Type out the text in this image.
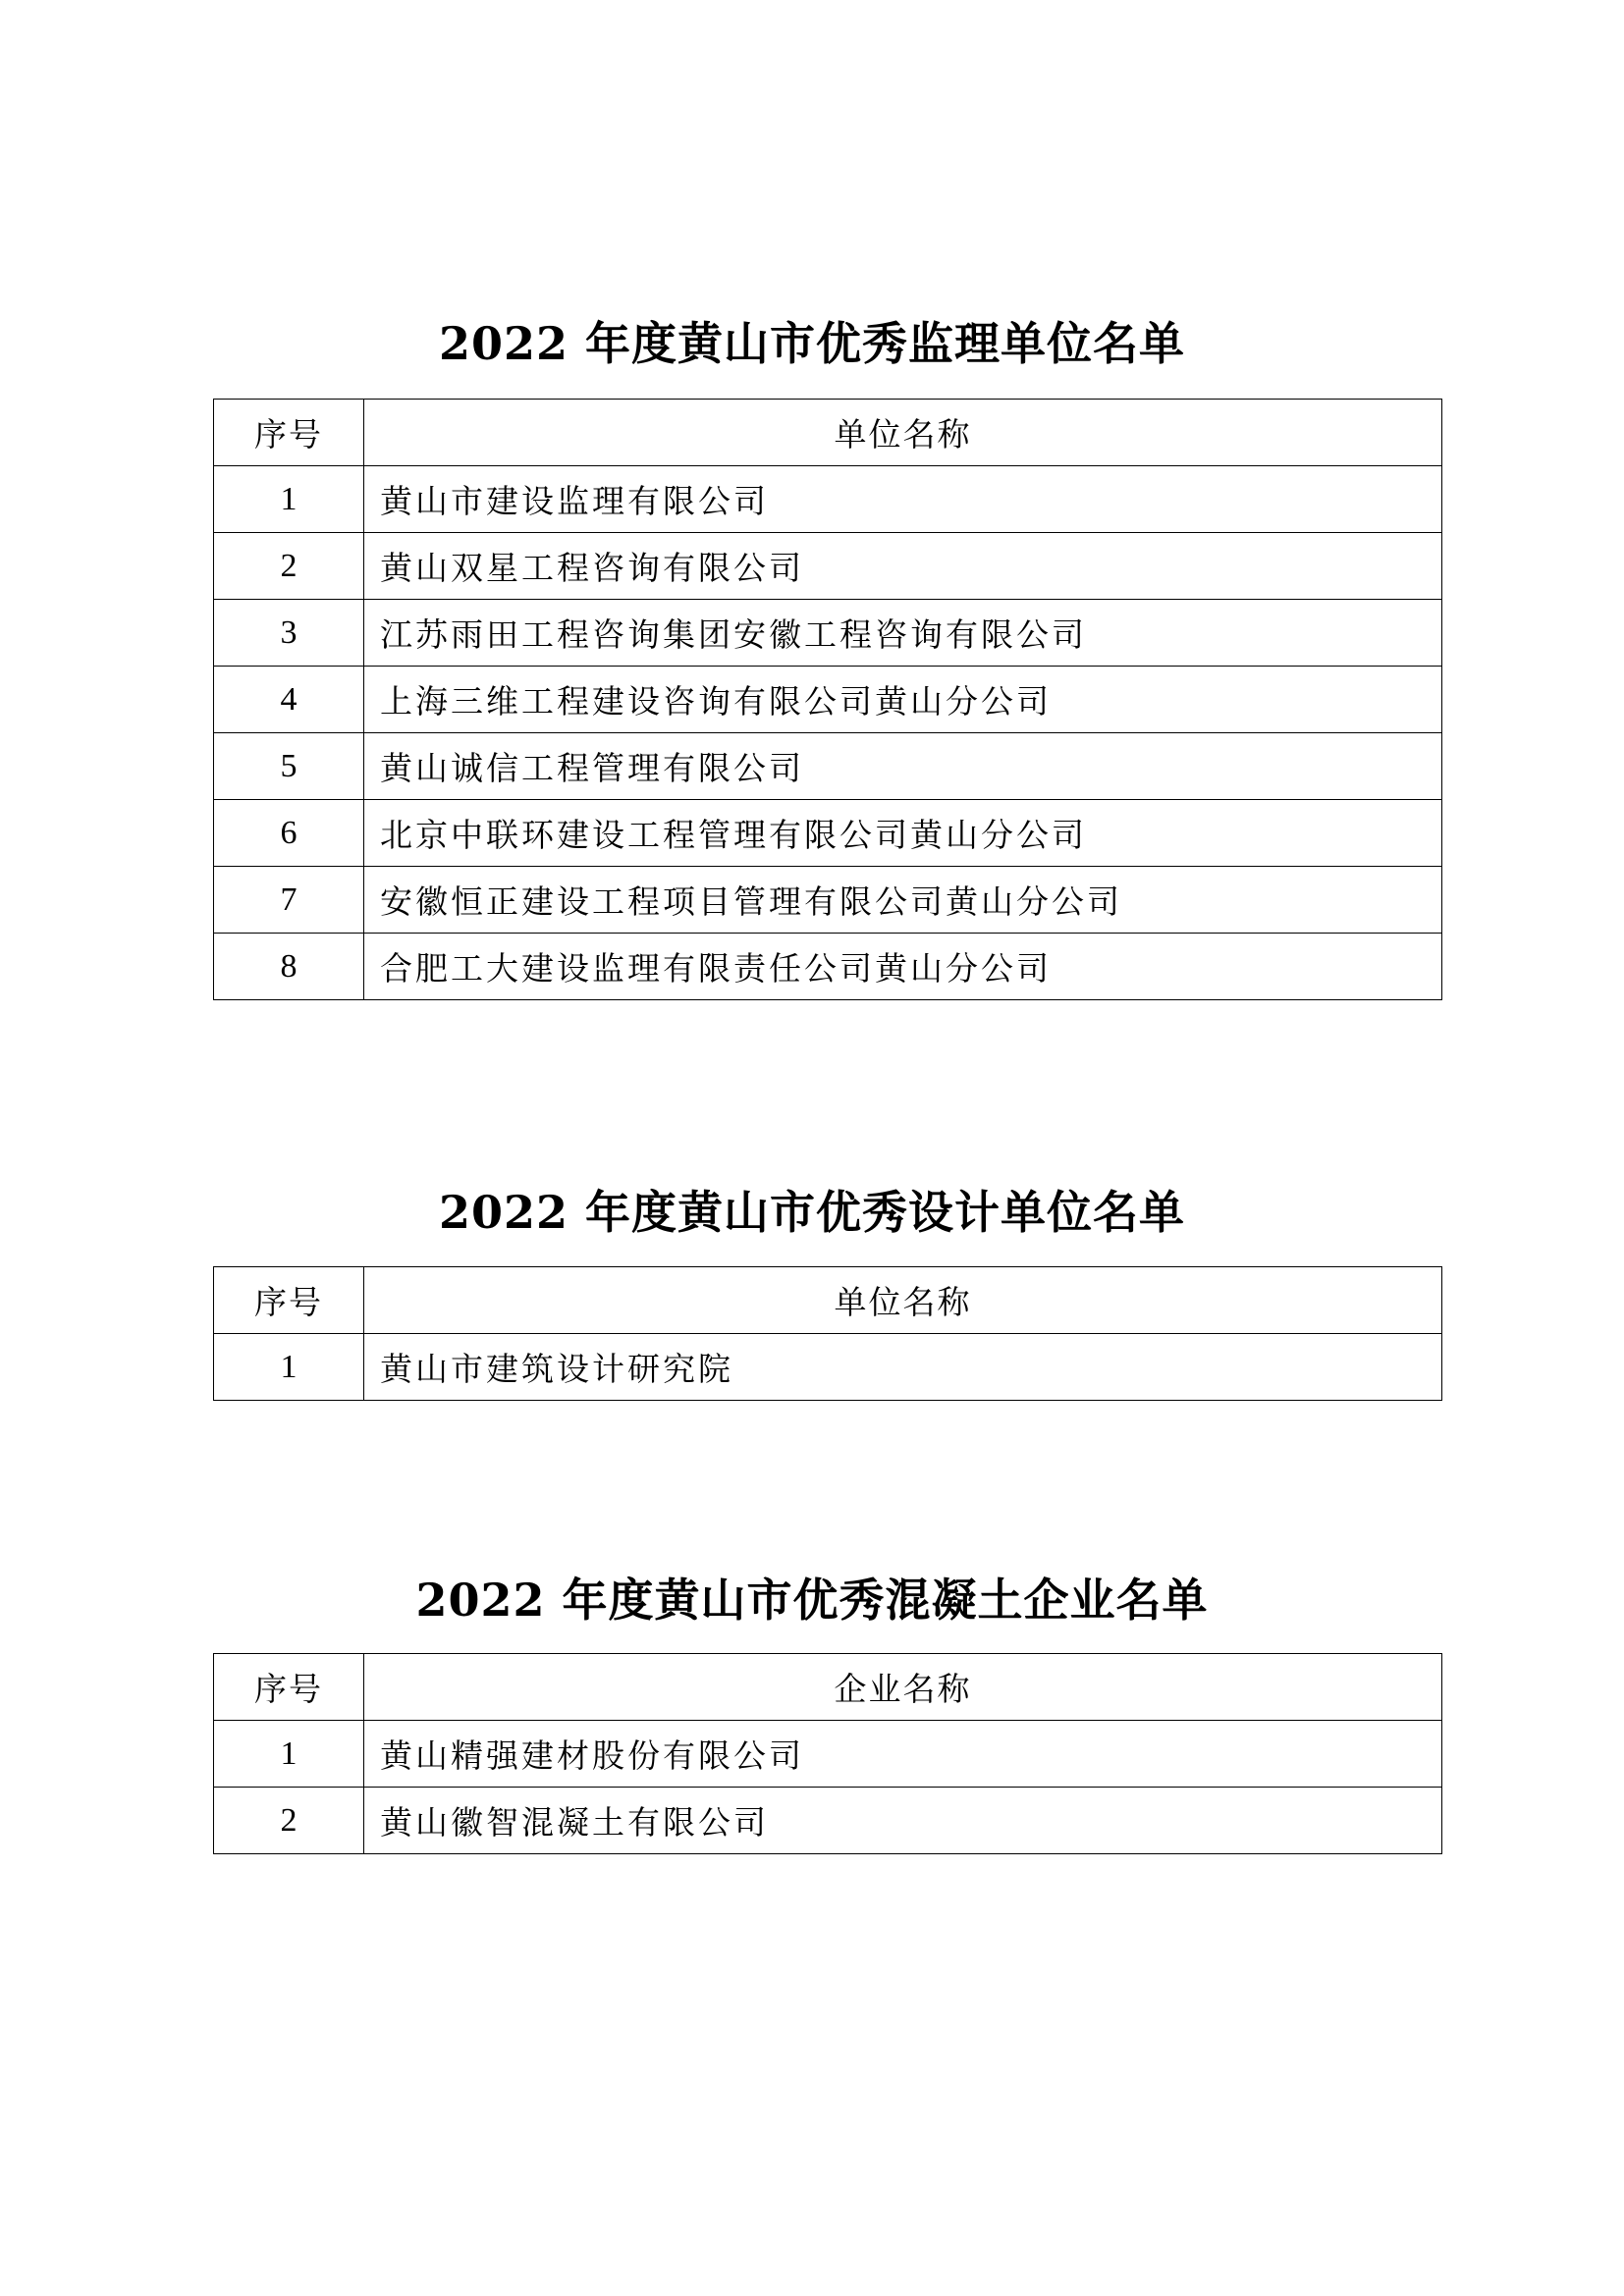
2022 年度黄山市优秀监理单位名单
序号	单位名称
1	黄山市建设监理有限公司
2	黄山双星工程咨询有限公司
3	江苏雨田工程咨询集团安徽工程咨询有限公司
4	上海三维工程建设咨询有限公司黄山分公司
5	黄山诚信工程管理有限公司
6	北京中联环建设工程管理有限公司黄山分公司
7	安徽恒正建设工程项目管理有限公司黄山分公司
8	合肥工大建设监理有限责任公司黄山分公司
2022 年度黄山市优秀设计单位名单
序号	单位名称
1	黄山市建筑设计研究院
2022 年度黄山市优秀混凝土企业名单
序号	企业名称
1	黄山精强建材股份有限公司
2	黄山徽智混凝土有限公司
